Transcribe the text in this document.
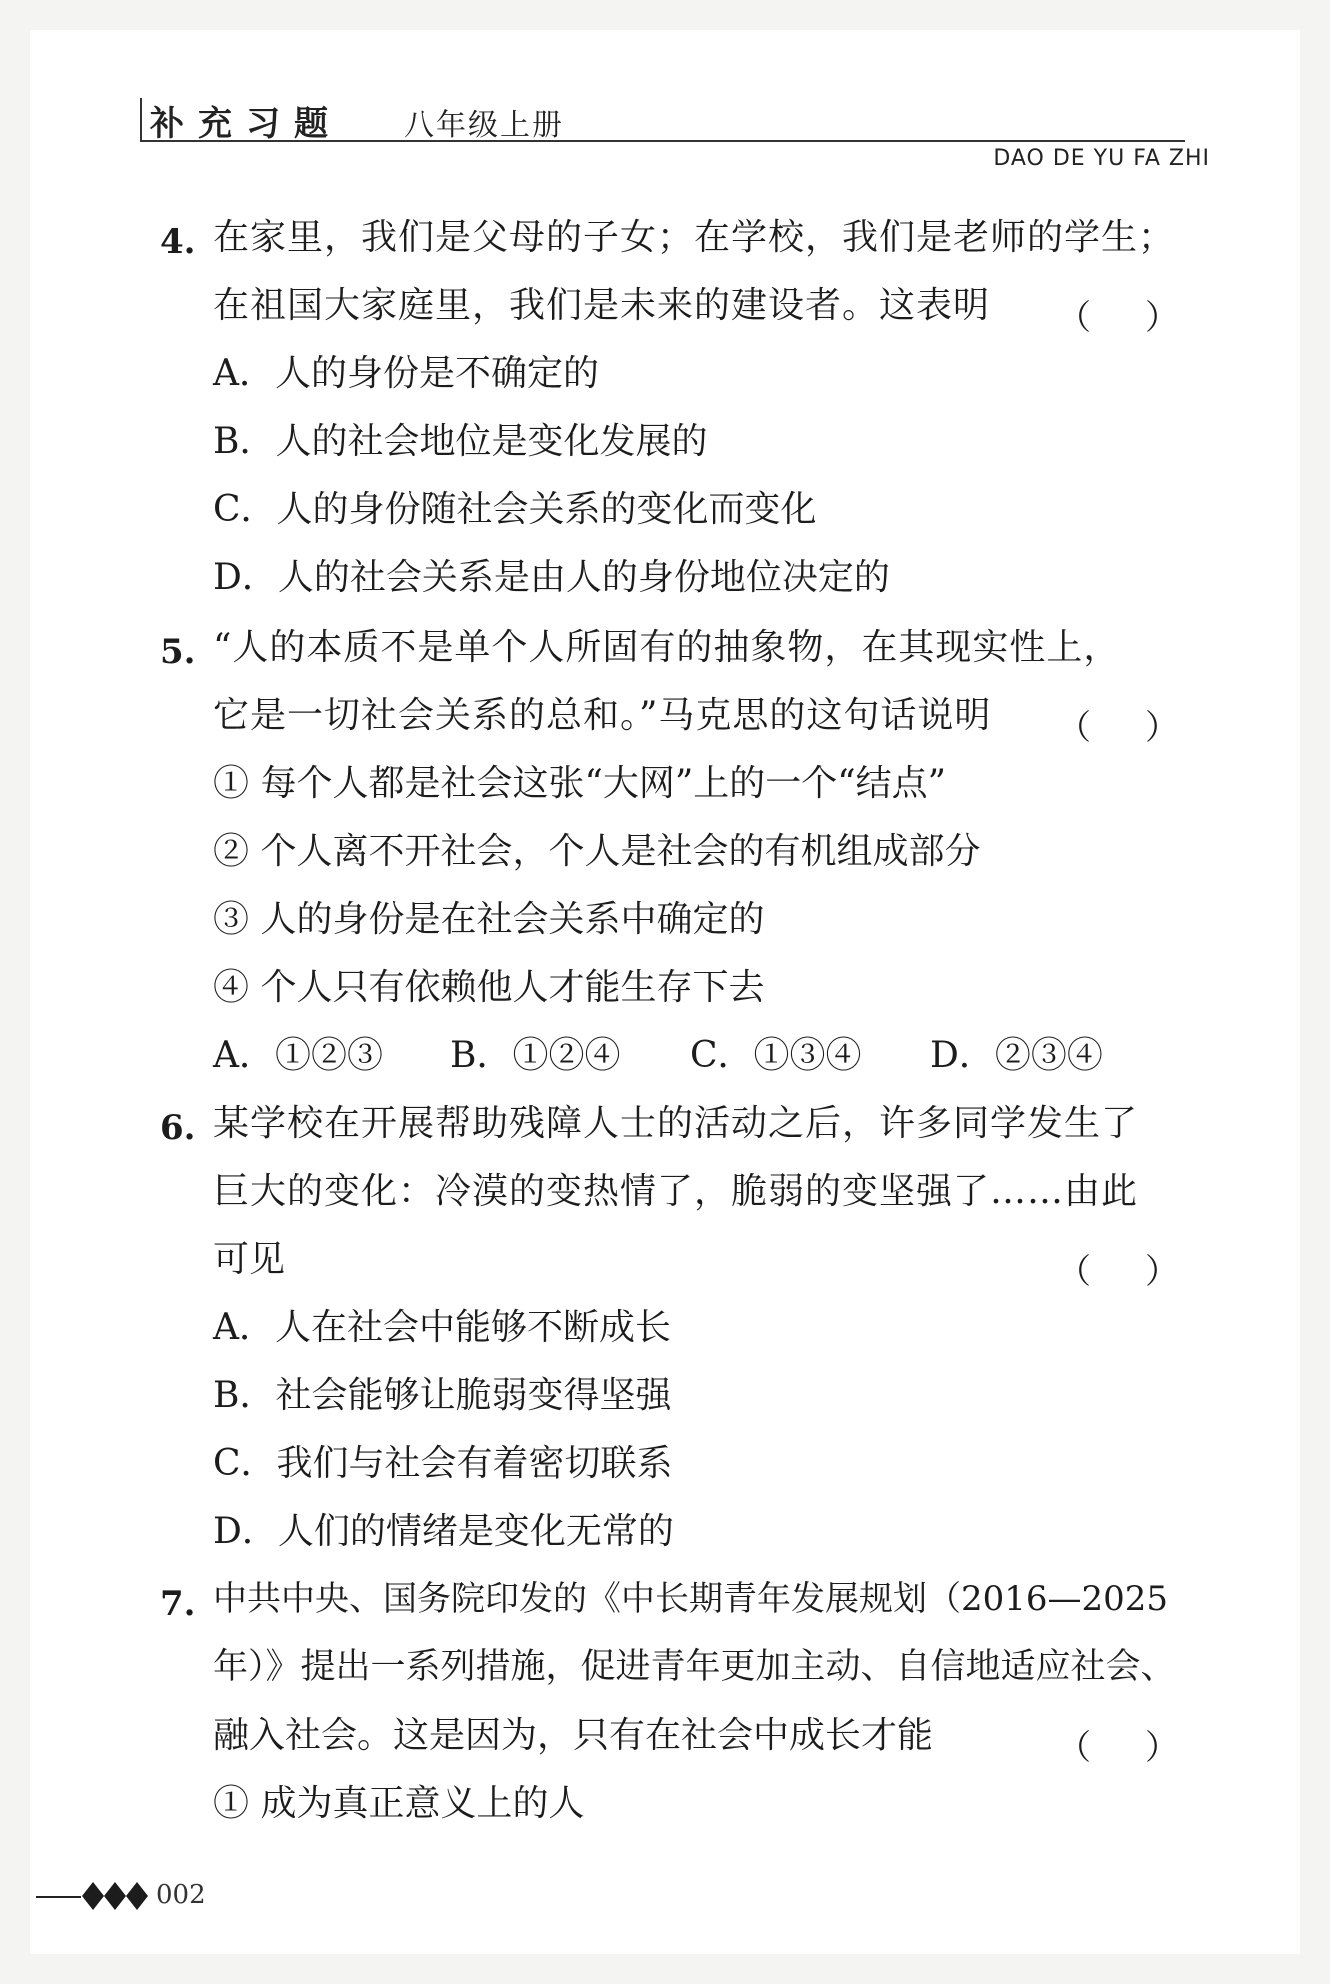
补充习题 八年级上册
DAO DE YU FA ZHI
4. 在家里，我们是父母的子女；在学校，我们是老师的学生；
在祖国大家庭里，我们是未来的建设者。这表明 （     ）
A．人的身份是不确定的
B．人的社会地位是变化发展的
C．人的身份随社会关系的变化而变化
D．人的社会关系是由人的身份地位决定的
5. “人的本质不是单个人所固有的抽象物，在其现实性上，
它是一切社会关系的总和。”马克思的这句话说明 （     ）
① 每个人都是社会这张“大网”上的一个“结点”
② 个人离不开社会，个人是社会的有机组成部分
③ 人的身份是在社会关系中确定的
④ 个人只有依赖他人才能生存下去
A．①②③ B．①②④ C．①③④ D．②③④
6. 某学校在开展帮助残障人士的活动之后，许多同学发生了
巨大的变化：冷漠的变热情了，脆弱的变坚强了……由此
可见	（     ）
A．人在社会中能够不断成长
B．社会能够让脆弱变得坚强
C．我们与社会有着密切联系
D．人们的情绪是变化无常的
7. 中共中央、国务院印发的《中长期青年发展规划（2016—2025
年）》提出一系列措施，促进青年更加主动、自信地适应社会、
融入社会。这是因为，只有在社会中成长才能	（     ）
① 成为真正意义上的人
002
